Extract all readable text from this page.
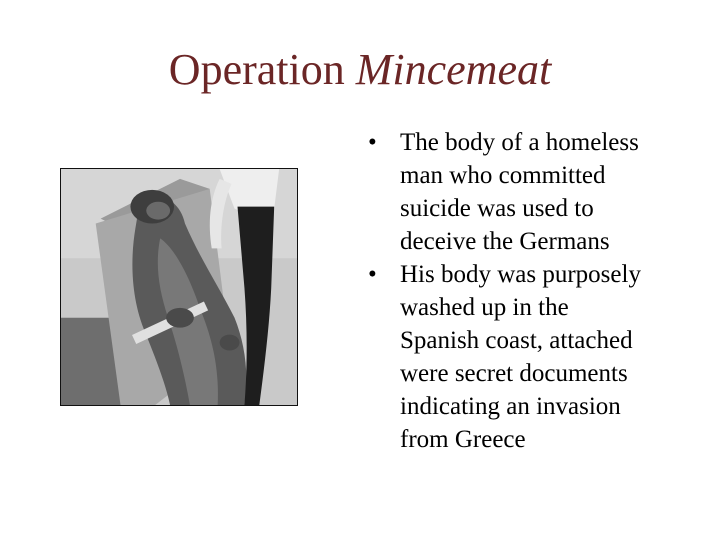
Operation Mincemeat
• The body of a homeless
man who committed
suicide was used to
deceive the Germans
• His body was purposely
washed up in the
Spanish coast, attached
were secret documents
indicating an invasion
from Greece
